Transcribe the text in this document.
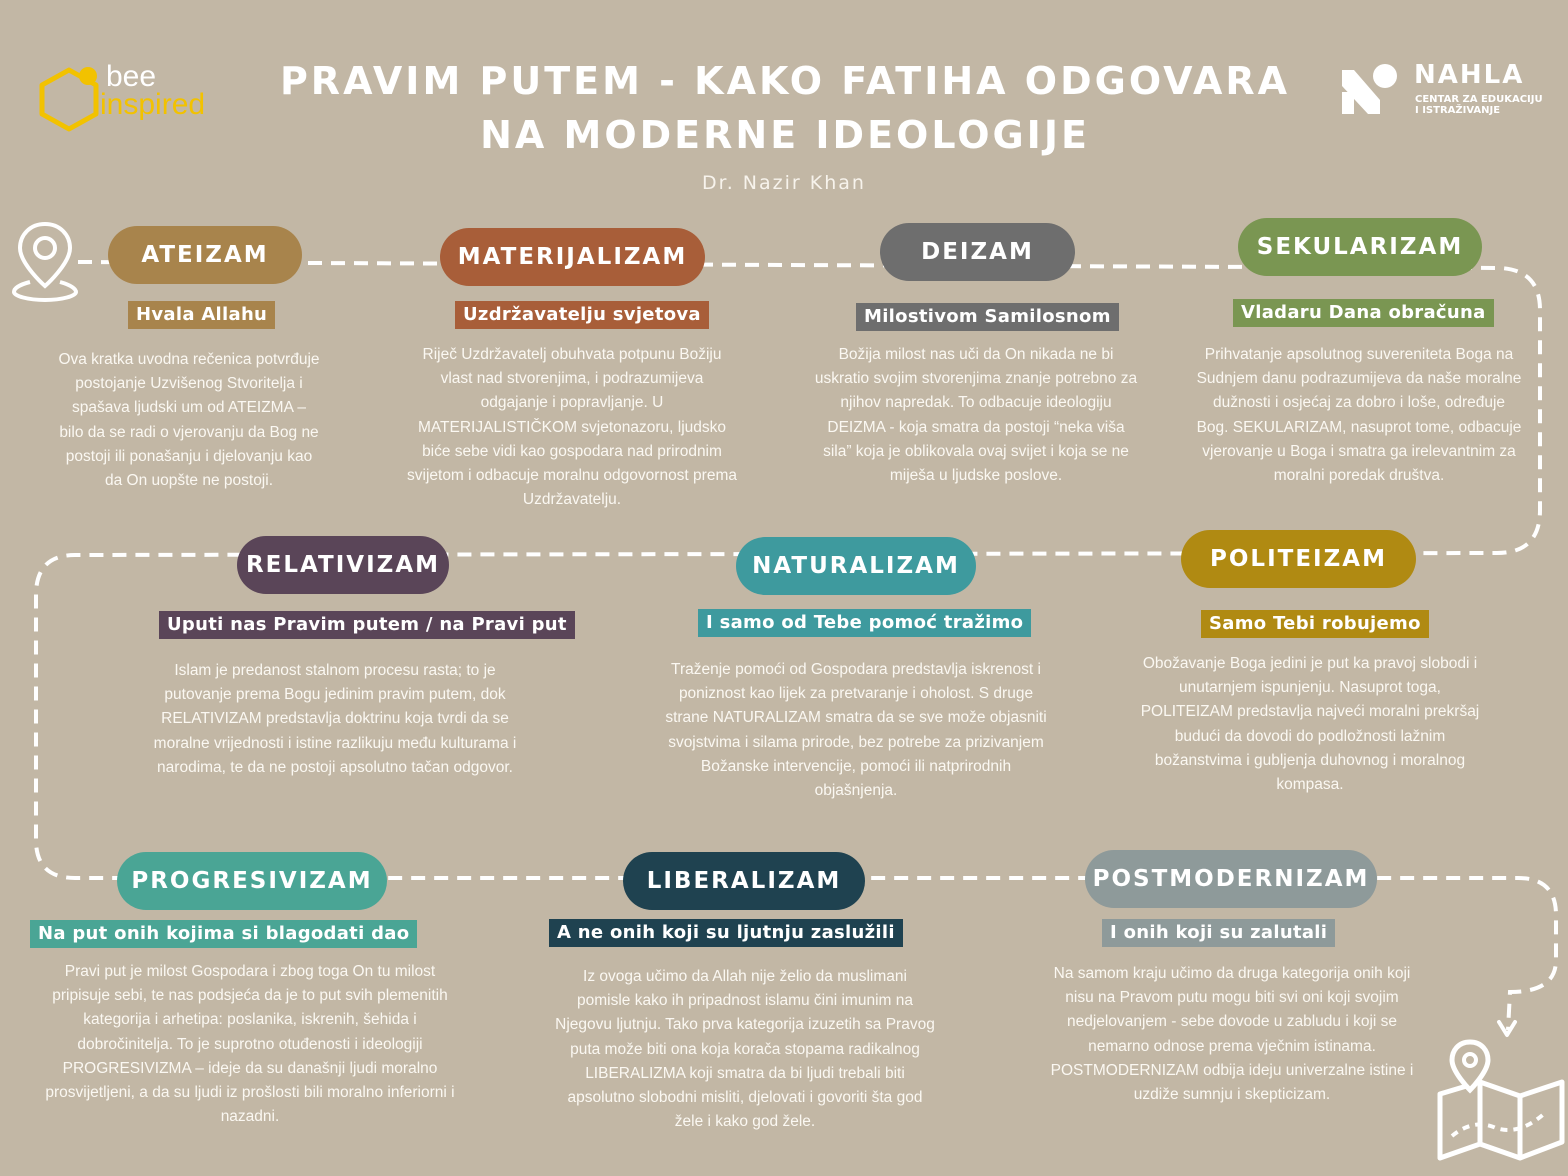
bee
inspired
NAHLA
CENTAR ZA EDUKACIJU
I ISTRAŽIVANJE
PRAVIM PUTEM - KAKO FATIHA ODGOVARA
NA MODERNE IDEOLOGIJE
Dr. Nazir Khan
ATEIZAM
Hvala Allahu
Ova kratka uvodna rečenica potvrđuje postojanje Uzvišenog Stvoritelja i spašava ljudski um od ATEIZMA – bilo da se radi o vjerovanju da Bog ne postoji ili ponašanju i djelovanju kao da On uopšte ne postoji.
MATERIJALIZAM
Uzdržavatelju svjetova
Riječ Uzdržavatelj obuhvata potpunu Božiju vlast nad stvorenjima, i podrazumijeva odgajanje i popravljanje. U MATERIJALISTIČKOM svjetonazoru, ljudsko biće sebe vidi kao gospodara nad prirodnim svijetom i odbacuje moralnu odgovornost prema Uzdržavatelju.
DEIZAM
Milostivom Samilosnom
Božija milost nas uči da On nikada ne bi uskratio svojim stvorenjima znanje potrebno za njihov napredak. To odbacuje ideologiju DEIZMA - koja smatra da postoji “neka viša sila” koja je oblikovala ovaj svijet i koja se ne miješa u ljudske poslove.
SEKULARIZAM
Vladaru Dana obračuna
Prihvatanje apsolutnog suvereniteta Boga na Sudnjem danu podrazumijeva da naše moralne dužnosti i osjećaj za dobro i loše, određuje Bog. SEKULARIZAM, nasuprot tome, odbacuje vjerovanje u Boga i smatra ga irelevantnim za moralni poredak društva.
RELATIVIZAM
Uputi nas Pravim putem / na Pravi put
Islam je predanost stalnom procesu rasta; to je putovanje prema Bogu jedinim pravim putem, dok RELATIVIZAM predstavlja doktrinu koja tvrdi da se moralne vrijednosti i istine razlikuju među kulturama i narodima, te da ne postoji apsolutno tačan odgovor.
NATURALIZAM
I samo od Tebe pomoć tražimo
Traženje pomoći od Gospodara predstavlja iskrenost i poniznost kao lijek za pretvaranje i oholost. S druge strane NATURALIZAM smatra da se sve može objasniti svojstvima i silama prirode, bez potrebe za prizivanjem Božanske intervencije, pomoći ili natprirodnih objašnjenja.
POLITEIZAM
Samo Tebi robujemo
Obožavanje Boga jedini je put ka pravoj slobodi i unutarnjem ispunjenju. Nasuprot toga, POLITEIZAM predstavlja najveći moralni prekršaj budući da dovodi do podložnosti lažnim božanstvima i gubljenja duhovnog i moralnog kompasa.
PROGRESIVIZAM
Na put onih kojima si blagodati dao
Pravi put je milost Gospodara i zbog toga On tu milost pripisuje sebi, te nas podsjeća da je to put svih plemenitih kategorija i arhetipa: poslanika, iskrenih, šehida i dobročinitelja. To je suprotno otuđenosti i ideologiji PROGRESIVIZMA – ideje da su današnji ljudi moralno prosvijetljeni, a da su ljudi iz prošlosti bili moralno inferiorni i nazadni.
LIBERALIZAM
A ne onih koji su ljutnju zaslužili
Iz ovoga učimo da Allah nije želio da muslimani pomisle kako ih pripadnost islamu čini imunim na Njegovu ljutnju. Tako prva kategorija izuzetih sa Pravog puta može biti ona koja korača stopama radikalnog LIBERALIZMA koji smatra da bi ljudi trebali biti apsolutno slobodni misliti, djelovati i govoriti šta god žele i kako god žele.
POSTMODERNIZAM
I onih koji su zalutali
Na samom kraju učimo da druga kategorija onih koji nisu na Pravom putu mogu biti svi oni koji svojim nedjelovanjem - sebe dovode u zabludu i koji se nemarno odnose prema vječnim istinama. POSTMODERNIZAM odbija ideju univerzalne istine i uzdiže sumnju i skepticizam.
